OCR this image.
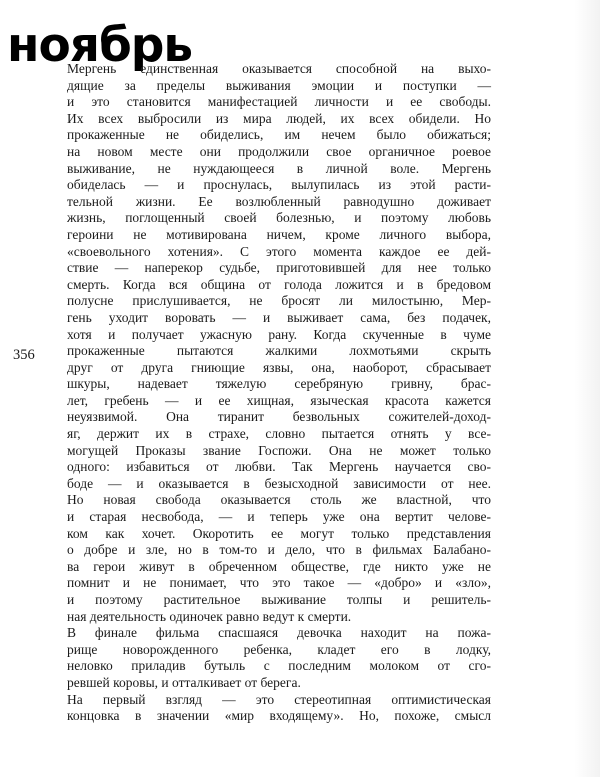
ноябрь
356
Мергень единственная оказывается способной на выхо-
дящие за пределы выживания эмоции и поступки —
и это становится манифестацией личности и ее свободы.
Их всех выбросили из мира людей, их всех обидели. Но
прокаженные не обиделись, им нечем было обижаться;
на новом месте они продолжили свое органичное роевое
выживание, не нуждающееся в личной воле. Мергень
обиделась — и проснулась, вылупилась из этой расти-
тельной жизни. Ее возлюбленный равнодушно доживает
жизнь, поглощенный своей болезнью, и поэтому любовь
героини не мотивирована ничем, кроме личного выбора,
«своевольного хотения». С этого момента каждое ее дей-
ствие — наперекор судьбе, приготовившей для нее только
смерть. Когда вся община от голода ложится и в бредовом
полусне прислушивается, не бросят ли милостыню, Мер-
гень уходит воровать — и выживает сама, без подачек,
хотя и получает ужасную рану. Когда скученные в чуме
прокаженные пытаются жалкими лохмотьями скрыть
друг от друга гниющие язвы, она, наоборот, сбрасывает
шкуры, надевает тяжелую серебряную гривну, брас-
лет, гребень — и ее хищная, языческая красота кажется
неуязвимой. Она тиранит безвольных сожителей-доход-
яг, держит их в страхе, словно пытается отнять у все-
могущей Проказы звание Госпожи. Она не может только
одного: избавиться от любви. Так Мергень научается сво-
боде — и оказывается в безысходной зависимости от нее.
Но новая свобода оказывается столь же властной, что
и старая несвобода, — и теперь уже она вертит челове-
ком как хочет. Окоротить ее могут только представления
о добре и зле, но в том-то и дело, что в фильмах Балабано-
ва герои живут в обреченном обществе, где никто уже не
помнит и не понимает, что это такое — «добро» и «зло»,
и поэтому растительное выживание толпы и решитель-
ная деятельность одиночек равно ведут к смерти.
В финале фильма спасшаяся девочка находит на пожа-
рище новорожденного ребенка, кладет его в лодку,
неловко приладив бутыль с последним молоком от сго-
ревшей коровы, и отталкивает от берега.
На первый взгляд — это стереотипная оптимистическая
концовка в значении «мир входящему». Но, похоже, смысл
